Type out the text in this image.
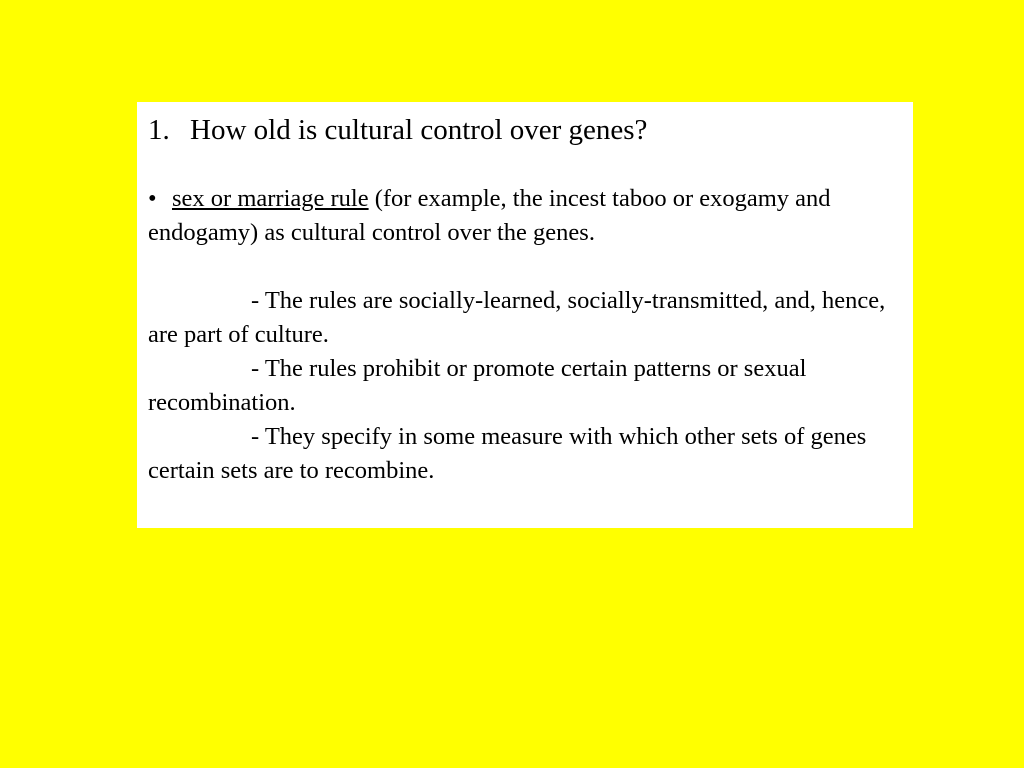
1. How old is cultural control over genes?

• sex or marriage rule (for example, the incest taboo or exogamy and endogamy) as cultural control over the genes.

- The rules are socially-learned, socially-transmitted, and, hence, are part of culture.

- The rules prohibit or promote certain patterns or sexual recombination.

- They specify in some measure with which other sets of genes certain sets are to recombine.
